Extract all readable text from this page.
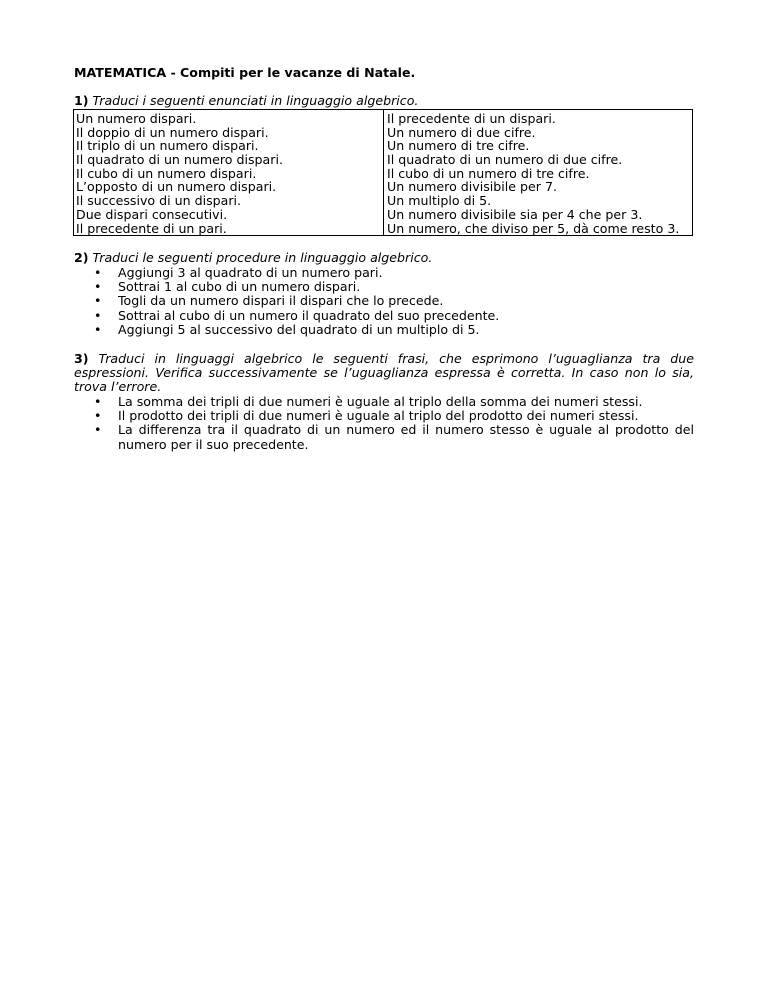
MATEMATICA - Compiti per le vacanze di Natale.
1) Traduci i seguenti enunciati in linguaggio algebrico.
Un numero dispari.
Il doppio di un numero dispari.
Il triplo di un numero dispari.
Il quadrato di un numero dispari.
Il cubo di un numero dispari.
L’opposto di un numero dispari.
Il successivo di un dispari.
Due dispari consecutivi.
Il precedente di un pari.
Il precedente di un dispari.
Un numero di due cifre.
Un numero di tre cifre.
Il quadrato di un numero di due cifre.
Il cubo di un numero di tre cifre.
Un numero divisibile per 7.
Un multiplo di 5.
Un numero divisibile sia per 4 che per 3.
Un numero, che diviso per 5, dà come resto 3.
2) Traduci le seguenti procedure in linguaggio algebrico.
• Aggiungi 3 al quadrato di un numero pari.
• Sottrai 1 al cubo di un numero dispari.
• Togli da un numero dispari il dispari che lo precede.
• Sottrai al cubo di un numero il quadrato del suo precedente.
• Aggiungi 5 al successivo del quadrato di un multiplo di 5.
3) Traduci in linguaggi algebrico le seguenti frasi, che esprimono l’uguaglianza tra due espressioni. Verifica successivamente se l’uguaglianza espressa è corretta. In caso non lo sia, trova l’errore.
• La somma dei tripli di due numeri è uguale al triplo della somma dei numeri stessi.
• Il prodotto dei tripli di due numeri è uguale al triplo del prodotto dei numeri stessi.
• La differenza tra il quadrato di un numero ed il numero stesso è uguale al prodotto del numero per il suo precedente.
